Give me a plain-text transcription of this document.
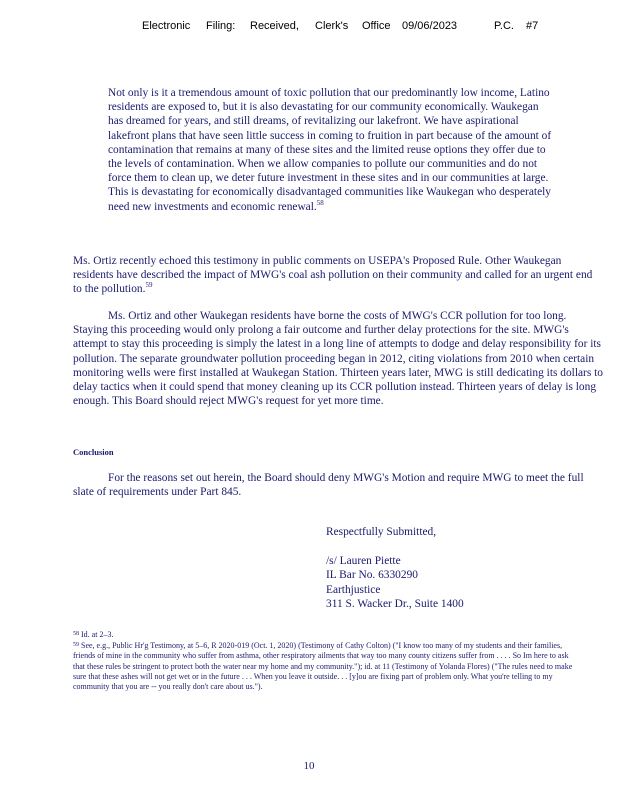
Electronic Filing: Received, Clerk's Office 09/06/2023	P.C. #7
Not only is it a tremendous amount of toxic pollution that our predominantly low income, Latino residents are exposed to, but it is also devastating for our community economically. Waukegan has dreamed for years, and still dreams, of revitalizing our lakefront. We have aspirational lakefront plans that have seen little success in coming to fruition in part because of the amount of contamination that remains at many of these sites and the limited reuse options they offer due to the levels of contamination. When we allow companies to pollute our communities and do not force them to clean up, we deter future investment in these sites and in our communities at large. This is devastating for economically disadvantaged communities like Waukegan who desperately need new investments and economic renewal.$^{58}$
Ms. Ortiz recently echoed this testimony in public comments on USEPA's Proposed Rule. Other Waukegan residents have described the impact of MWG's coal ash pollution on their community and called for an urgent end to the pollution.$^{59}$
Ms. Ortiz and other Waukegan residents have borne the costs of MWG's CCR pollution for too long. Staying this proceeding would only prolong a fair outcome and further delay protections for the site. MWG's attempt to stay this proceeding is simply the latest in a long line of attempts to dodge and delay responsibility for its pollution. The separate groundwater pollution proceeding began in 2012, citing violations from 2010 when certain monitoring wells were first installed at Waukegan Station. Thirteen years later, MWG is still dedicating its dollars to delay tactics when it could spend that money cleaning up its CCR pollution instead. Thirteen years of delay is long enough. This Board should reject MWG's request for yet more time.
Conclusion
For the reasons set out herein, the Board should deny MWG's Motion and require MWG to meet the full slate of requirements under Part 845.
Respectfully Submitted,
/s/ Lauren Piette
IL Bar No. 6330290
Earthjustice
311 S. Wacker Dr., Suite 1400

$^{58}$ Id. at 2–3.

$^{59}$ See, e.g., Public Hr'g Testimony, at 5–6, R 2020-019 (Oct. 1, 2020) (Testimony of Cathy Colton) ("I know too many of my students and their families, friends of mine in the community who suffer from asthma, other respiratory ailments that way too many county citizens suffer from . . . . So Im here to ask that these rules be stringent to protect both the water near my home and my community."); id. at 11 (Testimony of Yolanda Flores) ("The rules need to make sure that these ashes will not get wet or in the future . . . When you leave it outside. . . [y]ou are fixing part of problem only. What you're telling to my community that you are -- you really don't care about us.").

10
